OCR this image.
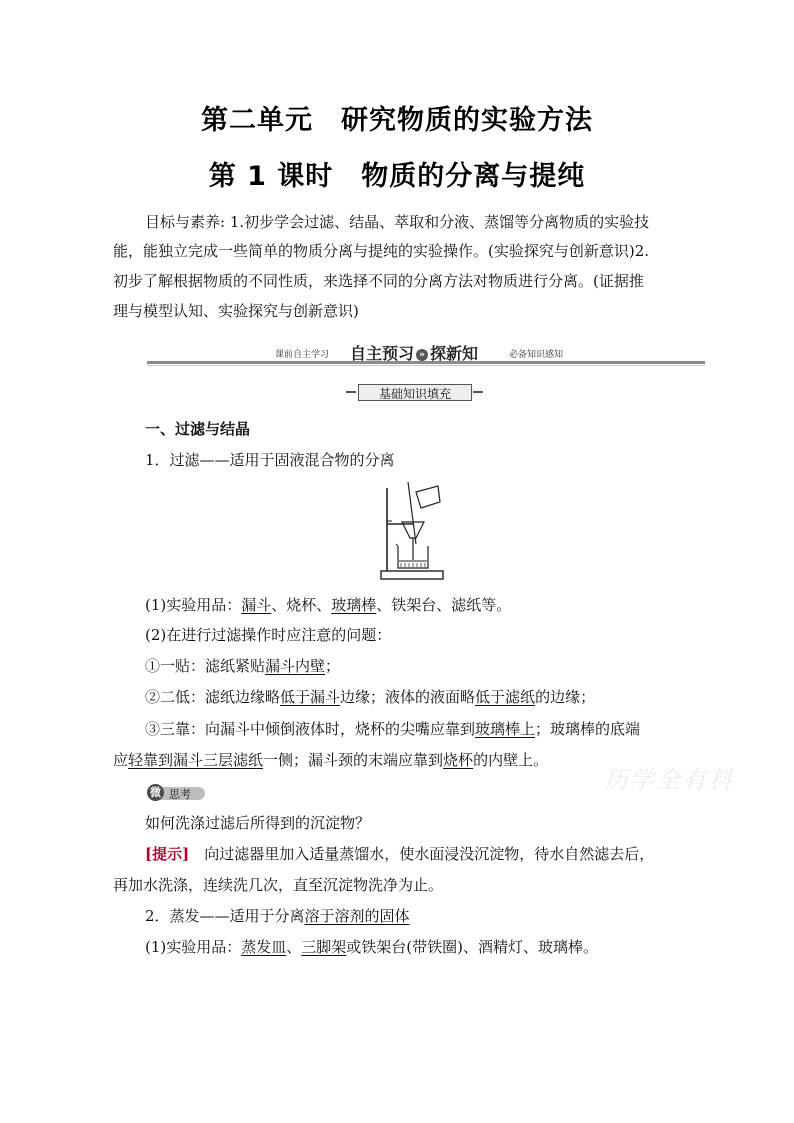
第二单元　研究物质的实验方法
第 1 课时　物质的分离与提纯
目标与素养: 1.初步学会过滤、结晶、萃取和分液、蒸馏等分离物质的实验技
能，能独立完成一些简单的物质分离与提纯的实验操作。(实验探究与创新意识)2.
初步了解根据物质的不同性质，来选择不同的分离方法对物质进行分离。(证据推
理与模型认知、实验探究与创新意识)
课前自主学习 自主预习 » 探新知	必备知识感知
基础知识填充
一、过滤与结晶
1．过滤——适用于固液混合物的分离
(1)实验用品：漏斗、烧杯、玻璃棒、铁架台、滤纸等。
(2)在进行过滤操作时应注意的问题：
①一贴：滤纸紧贴漏斗内壁；
②二低：滤纸边缘略低于漏斗边缘；液体的液面略低于滤纸的边缘；
③三靠：向漏斗中倾倒液体时，烧杯的尖嘴应靠到玻璃棒上；玻璃棒的底端
应轻靠到漏斗三层滤纸一侧；漏斗颈的末端应靠到烧杯的内壁上。
历学全有料
微 思考
如何洗涤过滤后所得到的沉淀物？
[提示]　向过滤器里加入适量蒸馏水，使水面浸没沉淀物，待水自然滤去后，
再加水洗涤，连续洗几次，直至沉淀物洗净为止。
2．蒸发——适用于分离溶于溶剂的固体
(1)实验用品：蒸发皿、三脚架或铁架台(带铁圈)、酒精灯、玻璃棒。
